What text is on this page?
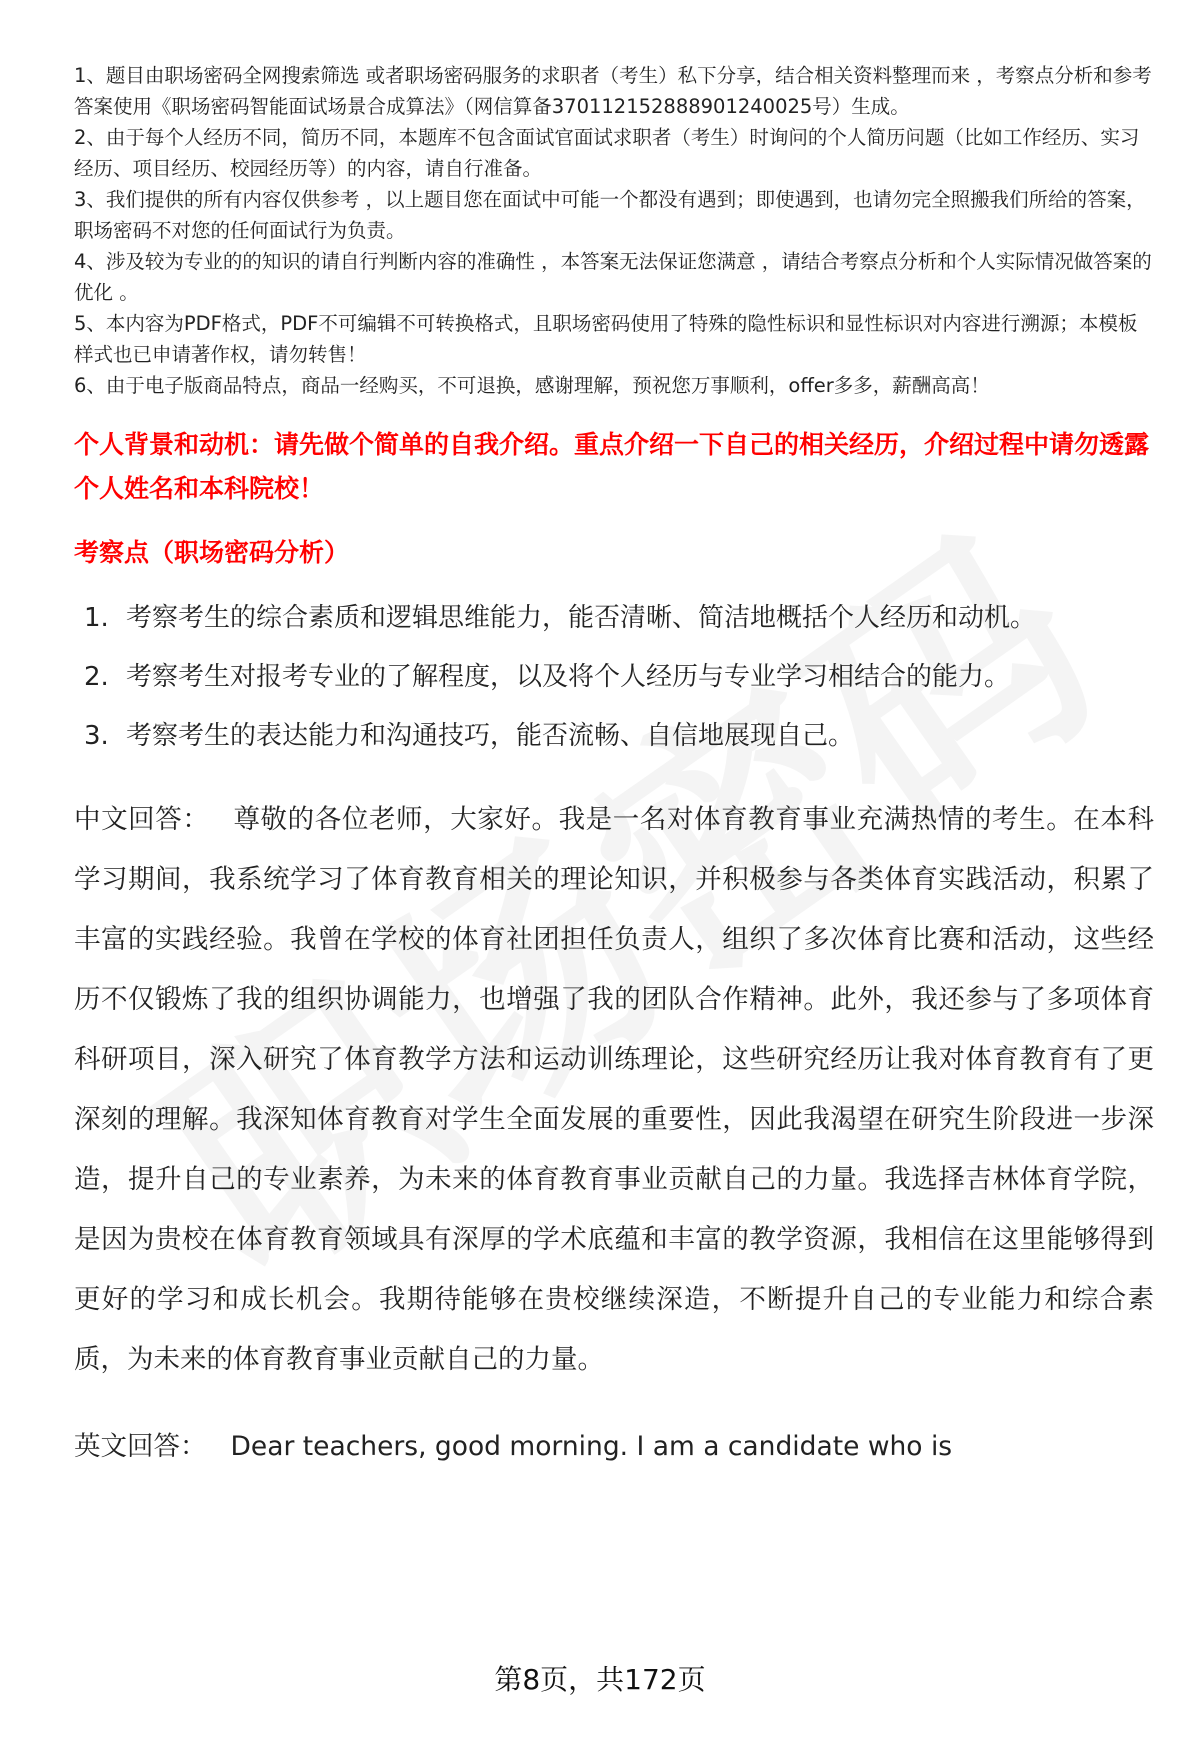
1、题目由职场密码全网搜索筛选 或者职场密码服务的求职者（考生）私下分享，结合相关资料整理而来 ，考察点分析和参考答案使用《职场密码智能面试场景合成算法》（网信算备370112152888901240025号）生成。
2、由于每个人经历不同，简历不同，本题库不包含面试官面试求职者（考生）时询问的个人简历问题（比如工作经历、实习经历、项目经历、校园经历等）的内容，请自行准备。
3、我们提供的所有内容仅供参考 ，以上题目您在面试中可能一个都没有遇到；即使遇到，也请勿完全照搬我们所给的答案，职场密码不对您的任何面试行为负责。
4、涉及较为专业的的知识的请自行判断内容的准确性 ，本答案无法保证您满意 ，请结合考察点分析和个人实际情况做答案的优化 。
5、本内容为PDF格式，PDF不可编辑不可转换格式，且职场密码使用了特殊的隐性标识和显性标识对内容进行溯源；本模板样式也已申请著作权，请勿转售！
6、由于电子版商品特点，商品一经购买，不可退换，感谢理解，预祝您万事顺利，offer多多，薪酬高高！
个人背景和动机：请先做个简单的自我介绍。重点介绍一下自己的相关经历，介绍过程中请勿透露个人姓名和本科院校！
考察点（职场密码分析）
1. 考察考生的综合素质和逻辑思维能力，能否清晰、简洁地概括个人经历和动机。
2. 考察考生对报考专业的了解程度，以及将个人经历与专业学习相结合的能力。
3. 考察考生的表达能力和沟通技巧，能否流畅、自信地展现自己。

中文回答： 尊敬的各位老师，大家好。我是一名对体育教育事业充满热情的考生。在本科学习期间，我系统学习了体育教育相关的理论知识，并积极参与各类体育实践活动，积累了丰富的实践经验。我曾在学校的体育社团担任负责人，组织了多次体育比赛和活动，这些经历不仅锻炼了我的组织协调能力，也增强了我的团队合作精神。此外，我还参与了多项体育科研项目，深入研究了体育教学方法和运动训练理论，这些研究经历让我对体育教育有了更深刻的理解。我深知体育教育对学生全面发展的重要性，因此我渴望在研究生阶段进一步深造，提升自己的专业素养，为未来的体育教育事业贡献自己的力量。我选择吉林体育学院，是因为贵校在体育教育领域具有深厚的学术底蕴和丰富的教学资源，我相信在这里能够得到更好的学习和成长机会。我期待能够在贵校继续深造，不断提升自己的专业能力和综合素质，为未来的体育教育事业贡献自己的力量。

英文回答： Dear teachers, good morning. I am a candidate who is

第8页，共172页
